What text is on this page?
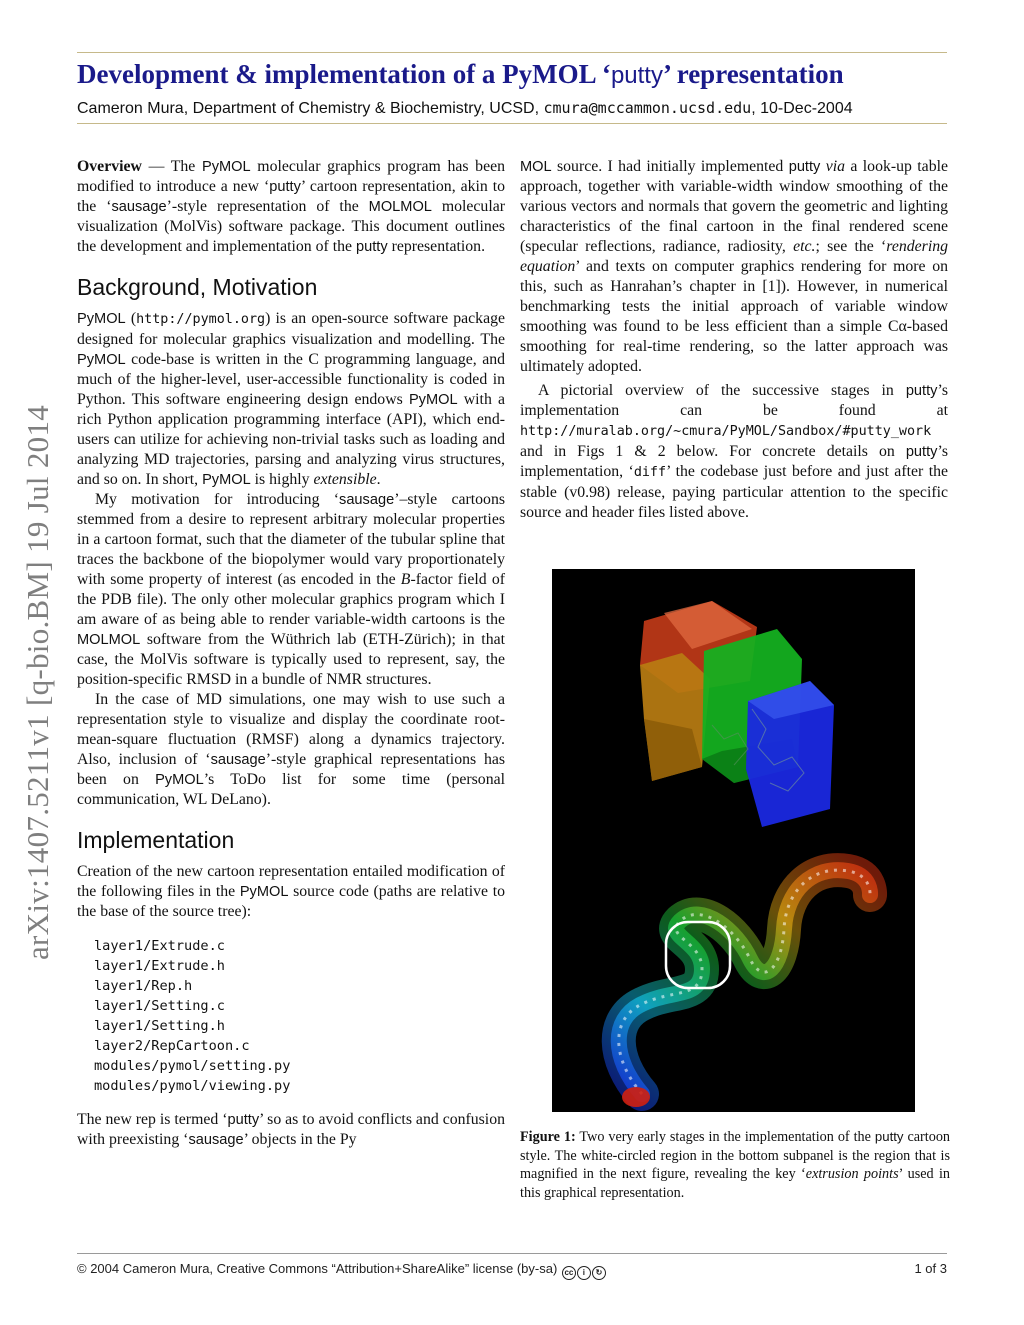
arXiv:1407.5211v1 [q-bio.BM] 19 Jul 2014
Development & implementation of a PyMOL ‘putty’ representation
Cameron Mura, Department of Chemistry & Biochemistry, UCSD, cmura@mccammon.ucsd.edu, 10-Dec-2004

Overview — The PyMOL molecular graphics program has been modified to introduce a new ‘putty’ cartoon representation, akin to the ‘sausage’-style representation of the MOLMOL molecular visualization (MolVis) software package. This document outlines the development and implementation of the putty representation.

Background, Motivation

PyMOL (http://pymol.org) is an open-source software package designed for molecular graphics visualization and modelling. The PyMOL code-base is written in the C programming language, and much of the higher-level, user-accessible functionality is coded in Python. This software engineering design endows PyMOL with a rich Python application programming interface (API), which end-users can utilize for achieving non-trivial tasks such as loading and analyzing MD trajectories, parsing and analyzing virus structures, and so on. In short, PyMOL is highly extensible.

My motivation for introducing ‘sausage’–style cartoons stemmed from a desire to represent arbitrary molecular properties in a cartoon format, such that the diameter of the tubular spline that traces the backbone of the biopolymer would vary proportionately with some property of interest (as encoded in the B-factor field of the PDB file). The only other molecular graphics program which I am aware of as being able to render variable-width cartoons is the MOLMOL software from the Wüthrich lab (ETH-Zürich); in that case, the MolVis software is typically used to represent, say, the position-specific RMSD in a bundle of NMR structures.

In the case of MD simulations, one may wish to use such a representation style to visualize and display the coordinate root-mean-square fluctuation (RMSF) along a dynamics trajectory. Also, inclusion of ‘sausage’-style graphical representations has been on PyMOL’s ToDo list for some time (personal communication, WL DeLano).

Implementation

Creation of the new cartoon representation entailed modification of the following files in the PyMOL source code (paths are relative to the base of the source tree):

layer1/Extrude.c
layer1/Extrude.h
layer1/Rep.h
layer1/Setting.c
layer1/Setting.h
layer2/RepCartoon.c
modules/pymol/setting.py
modules/pymol/viewing.py

The new rep is termed ‘putty’ so as to avoid conflicts and confusion with preexisting ‘sausage’ objects in the Py

MOL source. I had initially implemented putty via a look-up table approach, together with variable-width window smoothing of the various vectors and normals that govern the geometric and lighting characteristics of the final cartoon in the final rendered scene (specular reflections, radiance, radiosity, etc.; see the ‘rendering equation’ and texts on computer graphics rendering for more on this, such as Hanrahan’s chapter in [1]). However, in numerical benchmarking tests the initial approach of variable window smoothing was found to be less efficient than a simple Cα-based smoothing for real-time rendering, so the latter approach was ultimately adopted.

A pictorial overview of the successive stages in putty’s implementation can be found at http://muralab.org/~cmura/PyMOL/Sandbox/#putty_work and in Figs 1 & 2 below. For concrete details on putty’s implementation, ‘diff’ the codebase just before and just after the stable (v0.98) release, paying particular attention to the specific source and header files listed above.

Figure 1: Two very early stages in the implementation of the putty cartoon style. The white-circled region in the bottom subpanel is the region that is magnified in the next figure, revealing the key ‘extrusion points’ used in this graphical representation.

© 2004 Cameron Mura, Creative Commons “Attribution+ShareAlike” license (by-sa) cc i ↻	1 of 3
